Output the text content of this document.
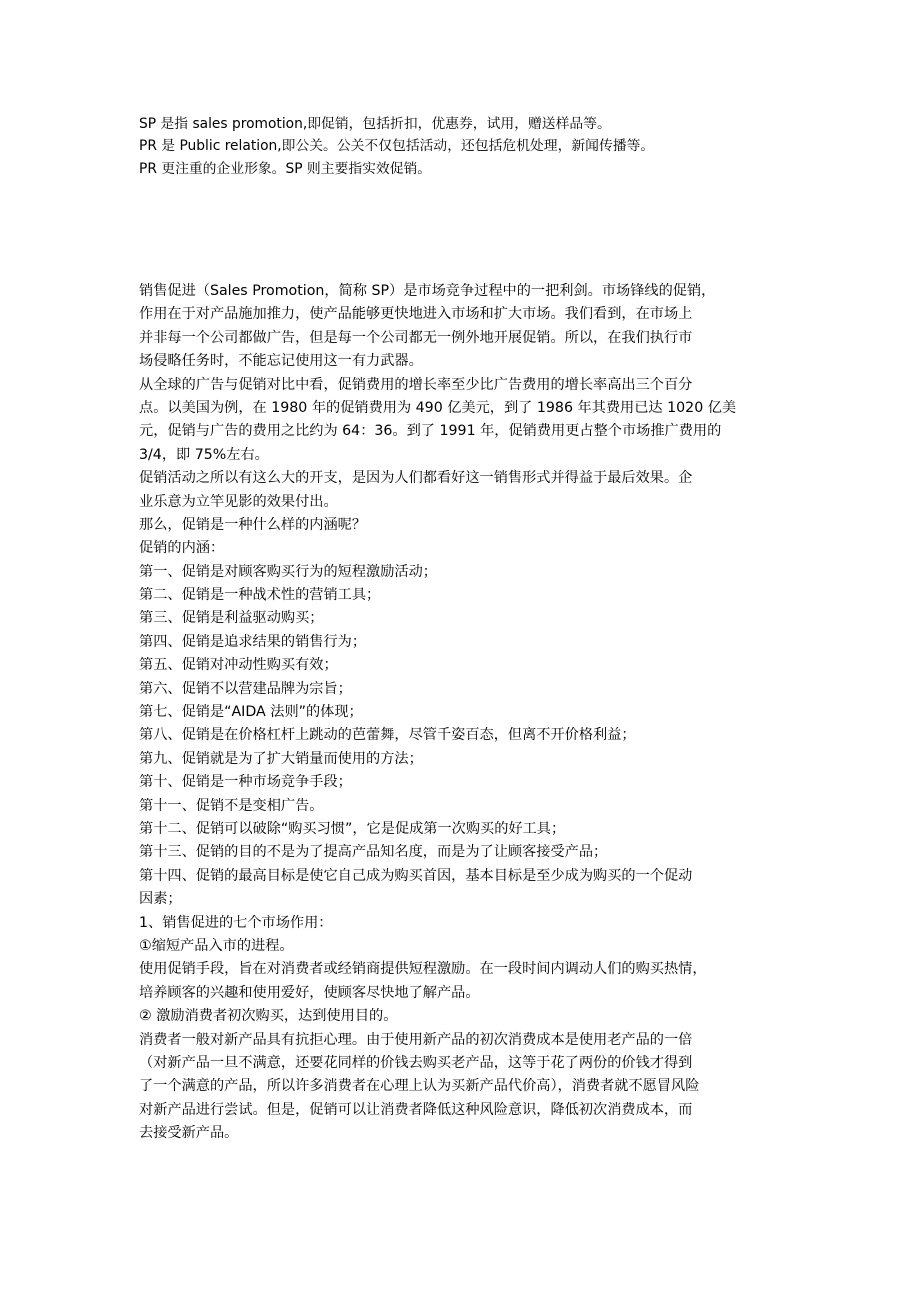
SP 是指 sales promotion,即促销，包括折扣，优惠券，试用，赠送样品等。
PR 是 Public relation,即公关。公关不仅包括活动，还包括危机处理，新闻传播等。
PR 更注重的企业形象。SP 则主要指实效促销。
销售促进（Sales Promotion，简称 SP）是市场竞争过程中的一把利剑。市场锋线的促销，
作用在于对产品施加推力，使产品能够更快地进入市场和扩大市场。我们看到，在市场上
并非每一个公司都做广告，但是每一个公司都无一例外地开展促销。所以，在我们执行市
场侵略任务时，不能忘记使用这一有力武器。
从全球的广告与促销对比中看，促销费用的增长率至少比广告费用的增长率高出三个百分
点。以美国为例，在 1980 年的促销费用为 490 亿美元，到了 1986 年其费用已达 1020 亿美
元，促销与广告的费用之比约为 64：36。到了 1991 年，促销费用更占整个市场推广费用的
3/4，即 75%左右。
促销活动之所以有这么大的开支，是因为人们都看好这一销售形式并得益于最后效果。企
业乐意为立竿见影的效果付出。
那么，促销是一种什么样的内涵呢？
促销的内涵：
第一、促销是对顾客购买行为的短程激励活动；
第二、促销是一种战术性的营销工具；
第三、促销是利益驱动购买；
第四、促销是追求结果的销售行为；
第五、促销对冲动性购买有效；
第六、促销不以营建品牌为宗旨；
第七、促销是“AIDA 法则”的体现；
第八、促销是在价格杠杆上跳动的芭蕾舞，尽管千姿百态，但离不开价格利益；
第九、促销就是为了扩大销量而使用的方法；
第十、促销是一种市场竞争手段；
第十一、促销不是变相广告。
第十二、促销可以破除“购买习惯”，它是促成第一次购买的好工具；
第十三、促销的目的不是为了提高产品知名度，而是为了让顾客接受产品；
第十四、促销的最高目标是使它自己成为购买首因，基本目标是至少成为购买的一个促动
因素；
1、销售促进的七个市场作用：
①缩短产品入市的进程。
使用促销手段，旨在对消费者或经销商提供短程激励。在一段时间内调动人们的购买热情，
培养顾客的兴趣和使用爱好，使顾客尽快地了解产品。
② 激励消费者初次购买，达到使用目的。
消费者一般对新产品具有抗拒心理。由于使用新产品的初次消费成本是使用老产品的一倍
（对新产品一旦不满意，还要花同样的价钱去购买老产品，这等于花了两份的价钱才得到
了一个满意的产品，所以许多消费者在心理上认为买新产品代价高），消费者就不愿冒风险
对新产品进行尝试。但是，促销可以让消费者降低这种风险意识，降低初次消费成本，而
去接受新产品。
